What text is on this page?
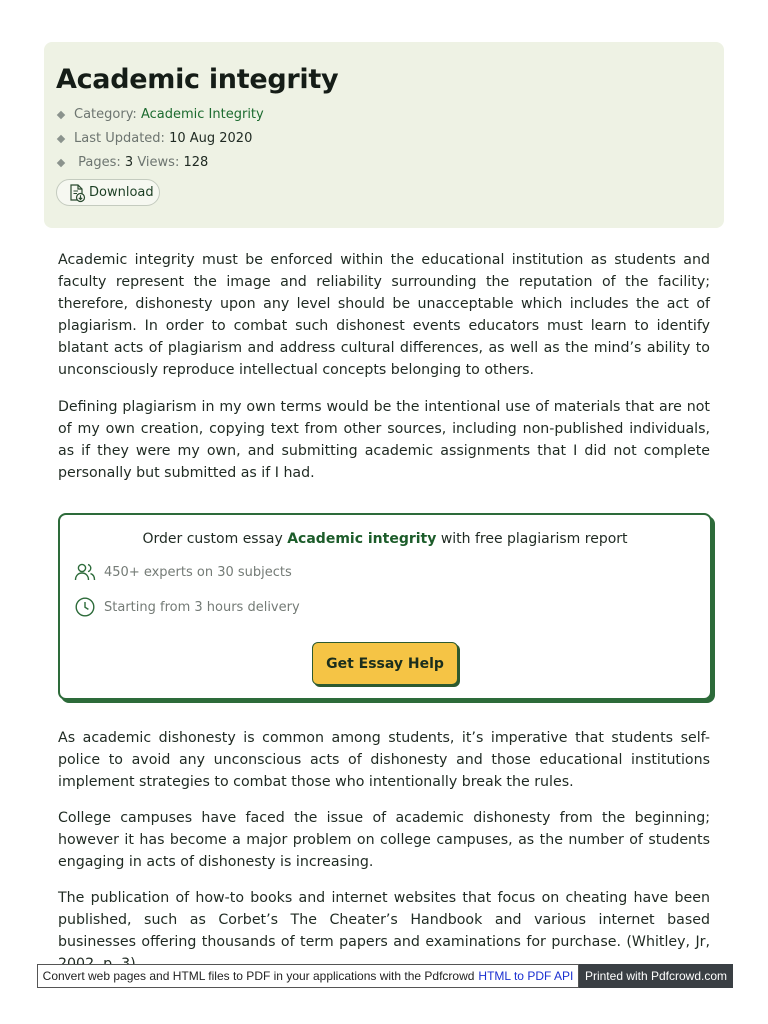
Academic integrity
Category:
Academic Integrity
Last Updated:
10 Aug 2020

Pages:
3
Views:
128
Download

Academic integrity must be enforced within the educational institution as students and faculty represent the image and reliability surrounding the reputation of the facility; therefore, dishonesty upon any level should be unacceptable which includes the act of plagiarism. In order to combat such dishonest events educators must learn to identify blatant acts of plagiarism and address cultural differences, as well as the mind’s ability to unconsciously reproduce intellectual concepts belonging to others.

Defining plagiarism in my own terms would be the intentional use of materials that are not of my own creation, copying text from other sources, including non-published individuals, as if they were my own, and submitting academic assignments that I did not complete personally but submitted as if I had.

Order custom essay Academic integrity with free plagiarism report
450+ experts on 30 subjects
Starting from 3 hours delivery
Get Essay Help

As academic dishonesty is common among students, it’s imperative that students self-police to avoid any unconscious acts of dishonesty and those educational institutions implement strategies to combat those who intentionally break the rules.

College campuses have faced the issue of academic dishonesty from the beginning; however it has become a major problem on college campuses, as the number of students engaging in acts of dishonesty is increasing.

The publication of how-to books and internet websites that focus on cheating have been published, such as Corbet’s The Cheater’s Handbook and various internet based businesses offering thousands of term papers and examinations for purchase. (Whitley, Jr,

Convert web pages and HTML files to PDF in your applications with the Pdfcrowd HTML to PDF API Printed with Pdfcrowd.com
